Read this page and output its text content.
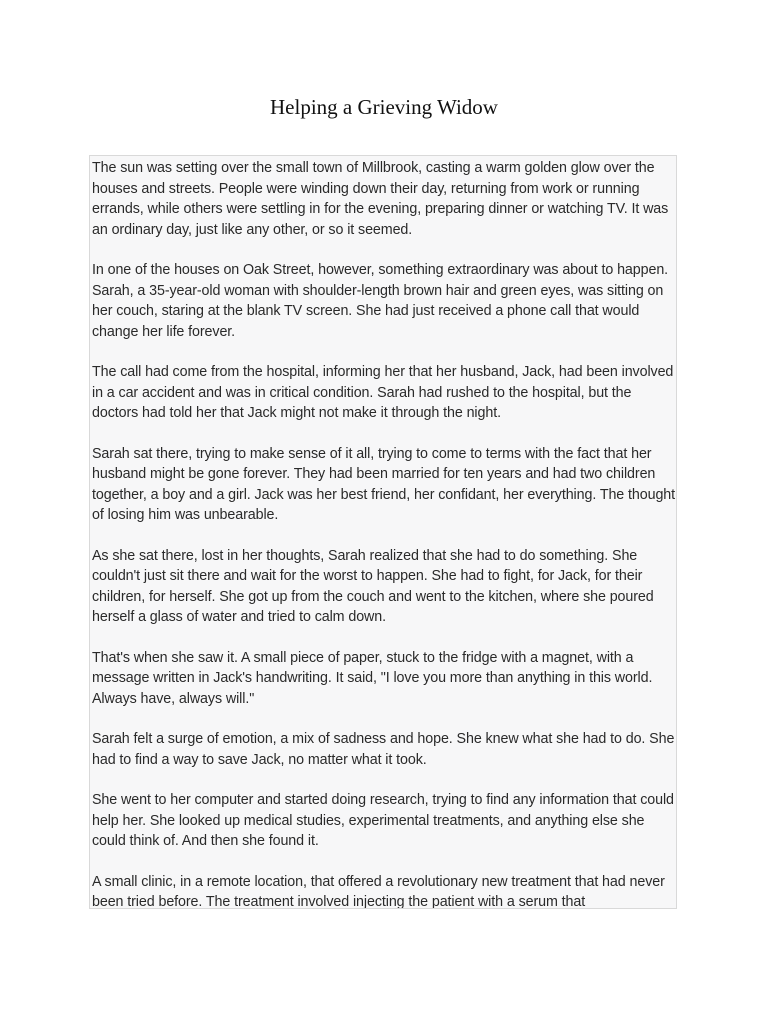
Helping a Grieving Widow

The sun was setting over the small town of Millbrook, casting a warm golden glow over the houses and streets. People were winding down their day, returning from work or running errands, while others were settling in for the evening, preparing dinner or watching TV. It was an ordinary day, just like any other, or so it seemed.

In one of the houses on Oak Street, however, something extraordinary was about to happen. Sarah, a 35-year-old woman with shoulder-length brown hair and green eyes, was sitting on her couch, staring at the blank TV screen. She had just received a phone call that would change her life forever.

The call had come from the hospital, informing her that her husband, Jack, had been involved in a car accident and was in critical condition. Sarah had rushed to the hospital, but the doctors had told her that Jack might not make it through the night.

Sarah sat there, trying to make sense of it all, trying to come to terms with the fact that her husband might be gone forever. They had been married for ten years and had two children together, a boy and a girl. Jack was her best friend, her confidant, her everything. The thought of losing him was unbearable.

As she sat there, lost in her thoughts, Sarah realized that she had to do something. She couldn't just sit there and wait for the worst to happen. She had to fight, for Jack, for their children, for herself. She got up from the couch and went to the kitchen, where she poured herself a glass of water and tried to calm down.

That's when she saw it. A small piece of paper, stuck to the fridge with a magnet, with a message written in Jack's handwriting. It said, "I love you more than anything in this world. Always have, always will."

Sarah felt a surge of emotion, a mix of sadness and hope. She knew what she had to do. She had to find a way to save Jack, no matter what it took.

She went to her computer and started doing research, trying to find any information that could help her. She looked up medical studies, experimental treatments, and anything else she could think of. And then she found it.

A small clinic, in a remote location, that offered a revolutionary new treatment that had never been tried before. The treatment involved injecting the patient with a serum that
